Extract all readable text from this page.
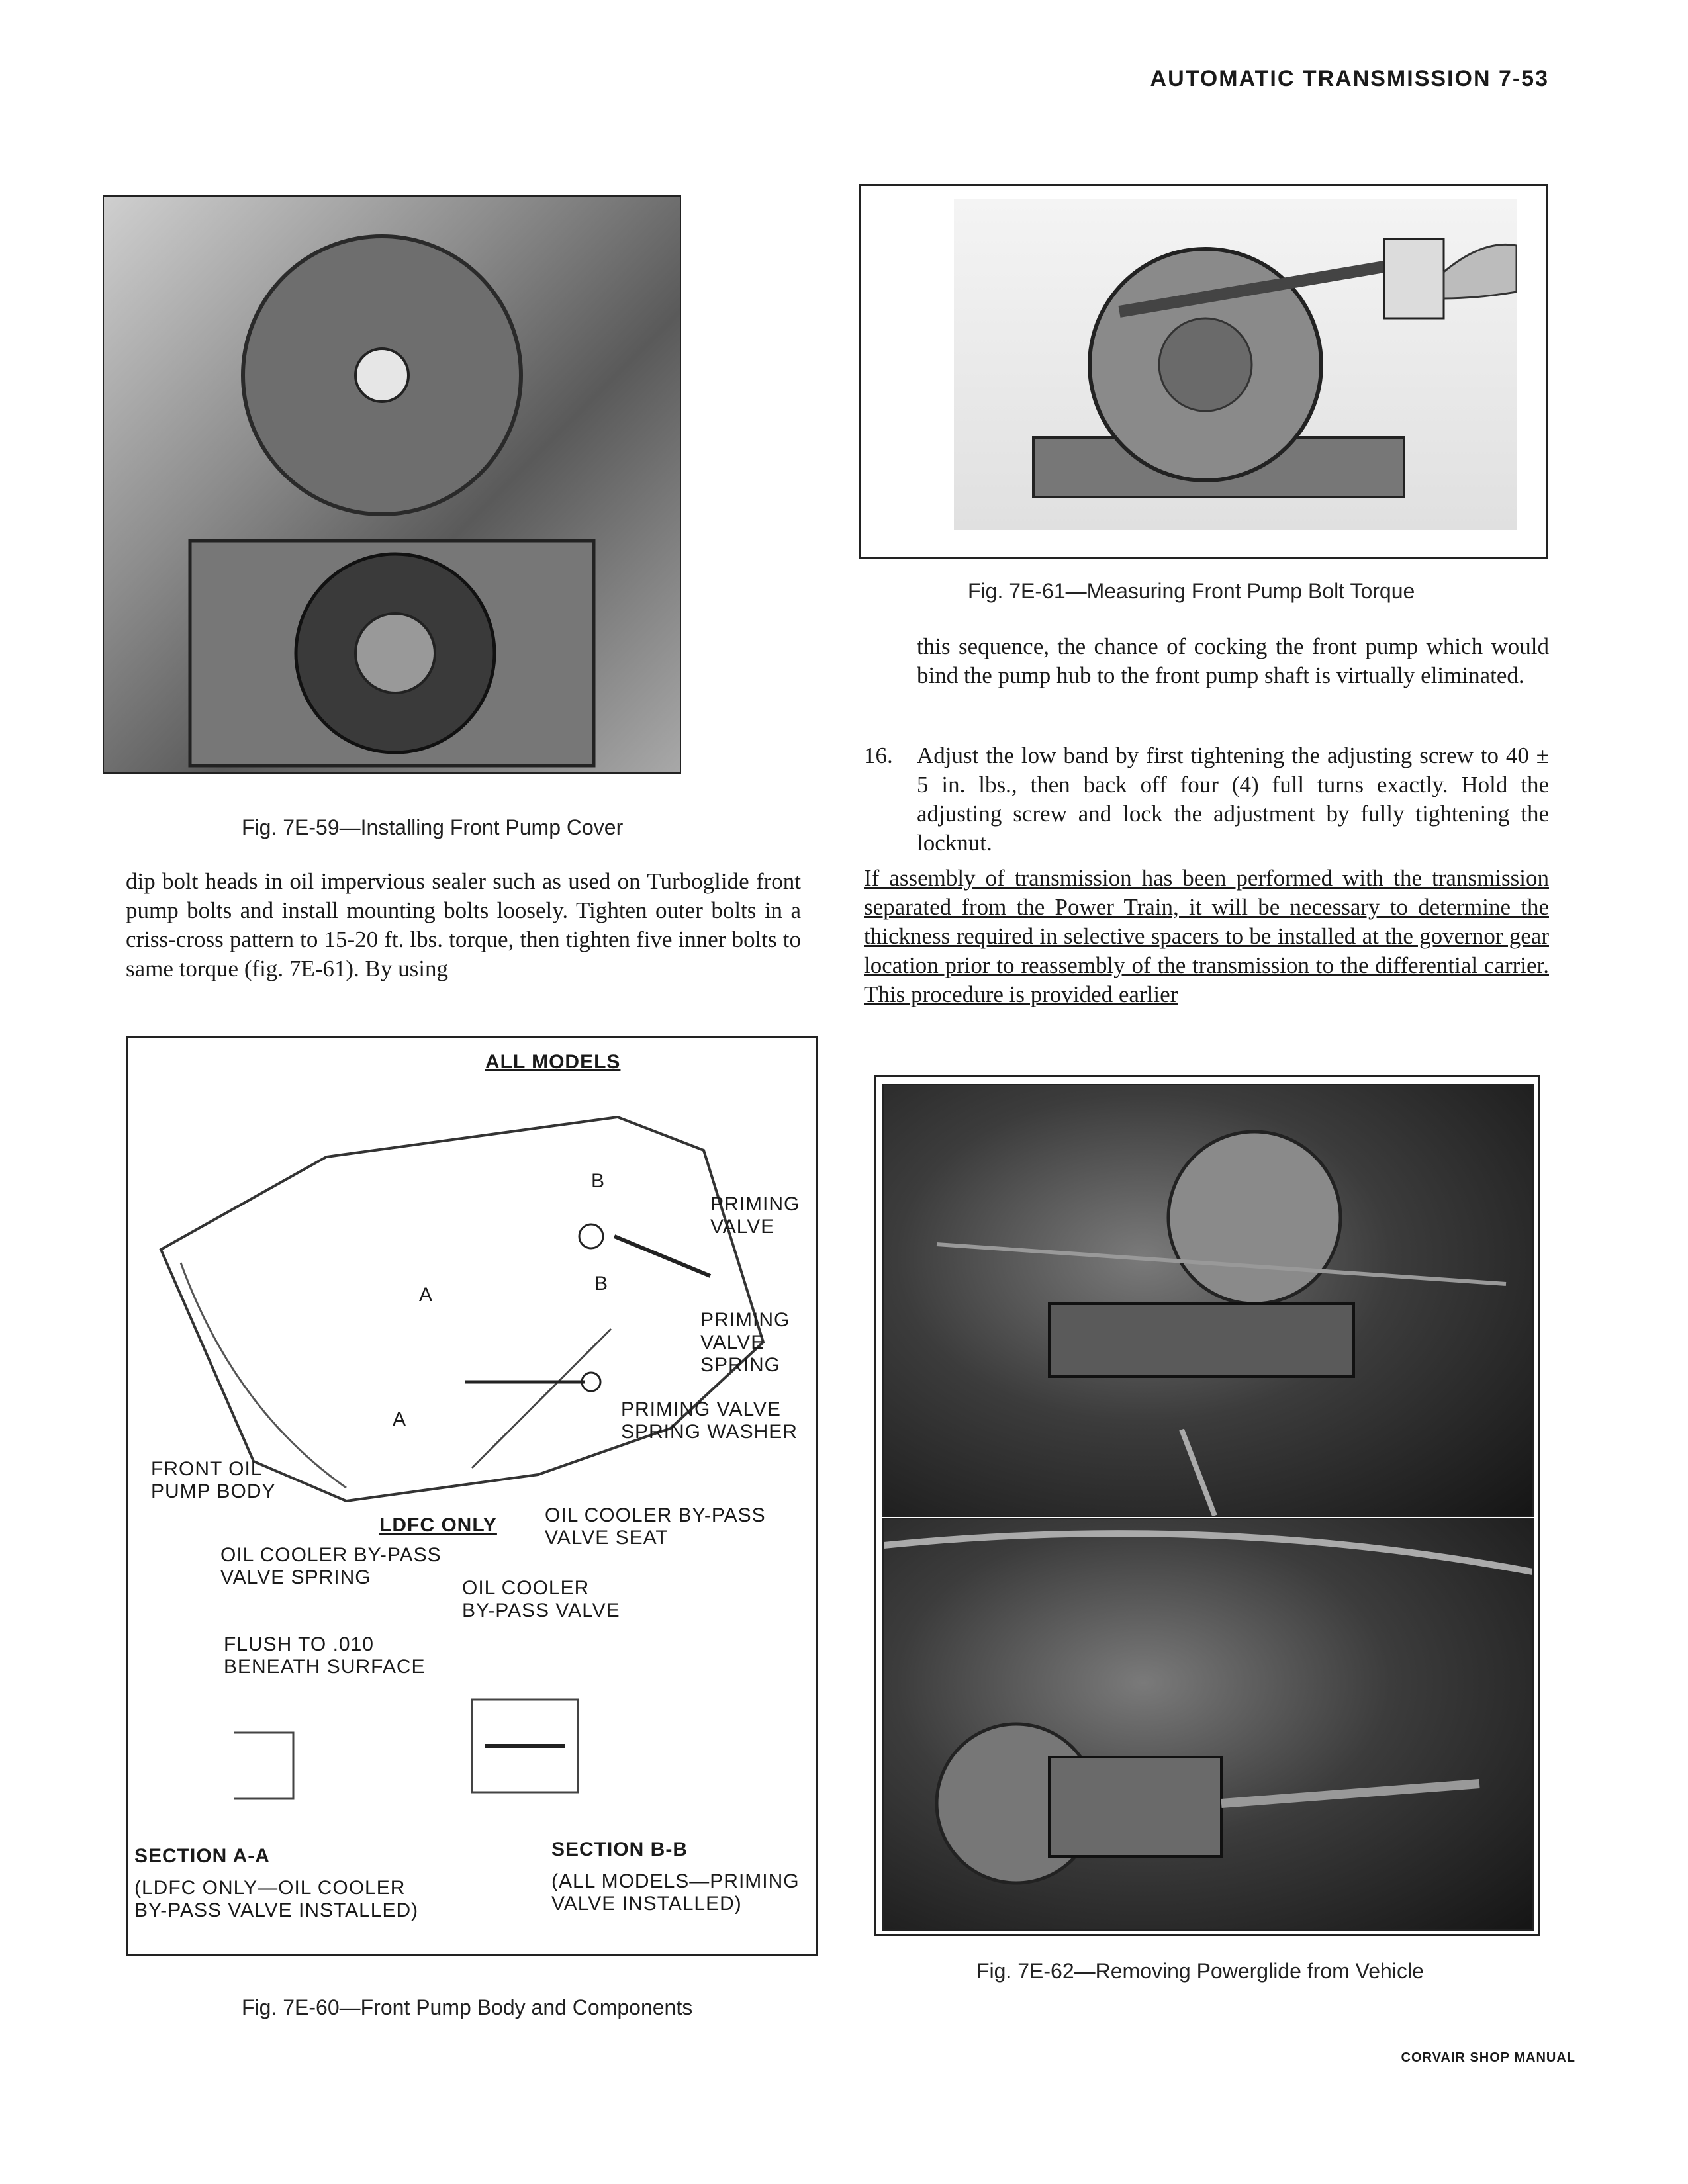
AUTOMATIC TRANSMISSION 7-53
Fig. 7E-59—Installing Front Pump Cover
Fig. 7E-61—Measuring Front Pump Bolt Torque

this sequence, the chance of cocking the front pump which would bind the pump hub to the front pump shaft is virtually eliminated.

16. Adjust the low band by first tightening the adjusting screw to 40 ± 5 in. lbs., then back off four (4) full turns exactly. Hold the adjusting screw and lock the adjustment by fully tightening the locknut.

If assembly of transmission has been performed with the transmission separated from the Power Train, it will be necessary to determine the thickness required in selective spacers to be installed at the governor gear location prior to reassembly of the transmission to the differential carrier. This procedure is provided earlier

dip bolt heads in oil impervious sealer such as used on Turboglide front pump bolts and install mounting bolts loosely. Tighten outer bolts in a criss-cross pattern to 15-20 ft. lbs. torque, then tighten five inner bolts to same torque (fig. 7E-61). By using

ALL MODELS
B
PRIMING
VALVE
A
B
PRIMING
VALVE
SPRING
A	PRIMING VALVE
SPRING WASHER
FRONT OIL
PUMP BODY
LDFC ONLY OIL COOLER BY-PASS
VALVE SEAT
OIL COOLER BY-PASS
VALVE SPRING	OIL COOLER
BY-PASS VALVE
FLUSH TO .010
BENEATH SURFACE
SECTION A-A
(LDFC ONLY—OIL COOLER
BY-PASS VALVE INSTALLED)
SECTION B-B
(ALL MODELS—PRIMING
VALVE INSTALLED)
Fig. 7E-60—Front Pump Body and Components
Fig. 7E-62—Removing Powerglide from Vehicle
CORVAIR SHOP MANUAL
